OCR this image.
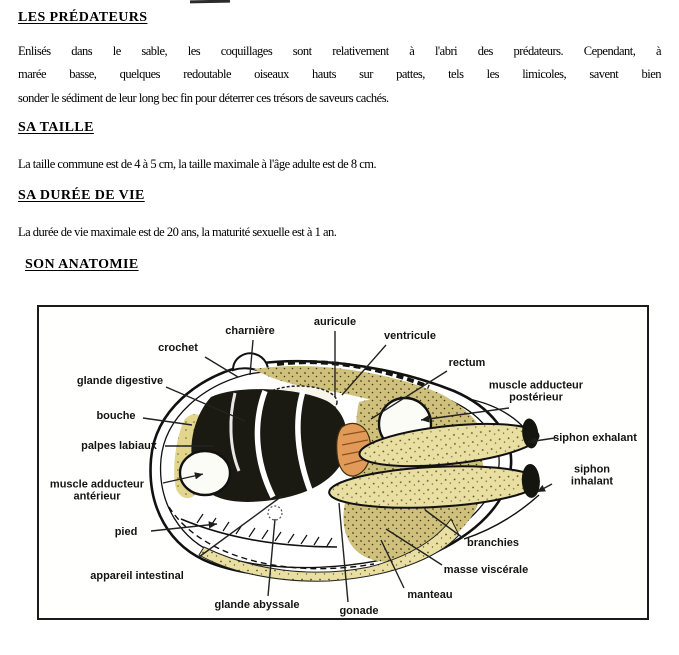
LES PRÉDATEURS
Enlisés dans le sable, les coquillages sont relativement à l'abri des prédateurs. Cependant, à
marée basse, quelques redoutable oiseaux hauts sur pattes, tels les limicoles, savent bien
sonder le sédiment de leur long bec fin pour déterrer ces trésors de saveurs cachés.
SA TAILLE
La taille commune est de 4 à 5 cm, la taille maximale à l'âge adulte est de 8 cm.
SA DURÉE DE VIE
La durée de vie maximale est de 20 ans, la maturité sexuelle est à 1 an.
SON ANATOMIE
charnière
auricule
ventricule
crochet
rectum
glande digestive	muscle adducteur postérieur
bouche
palpes labiaux
siphon exhalant
siphon inhalant
muscle adducteur antérieur
pied
branchies
appareil intestinal	masse viscérale
manteau
glande abyssale	gonade
